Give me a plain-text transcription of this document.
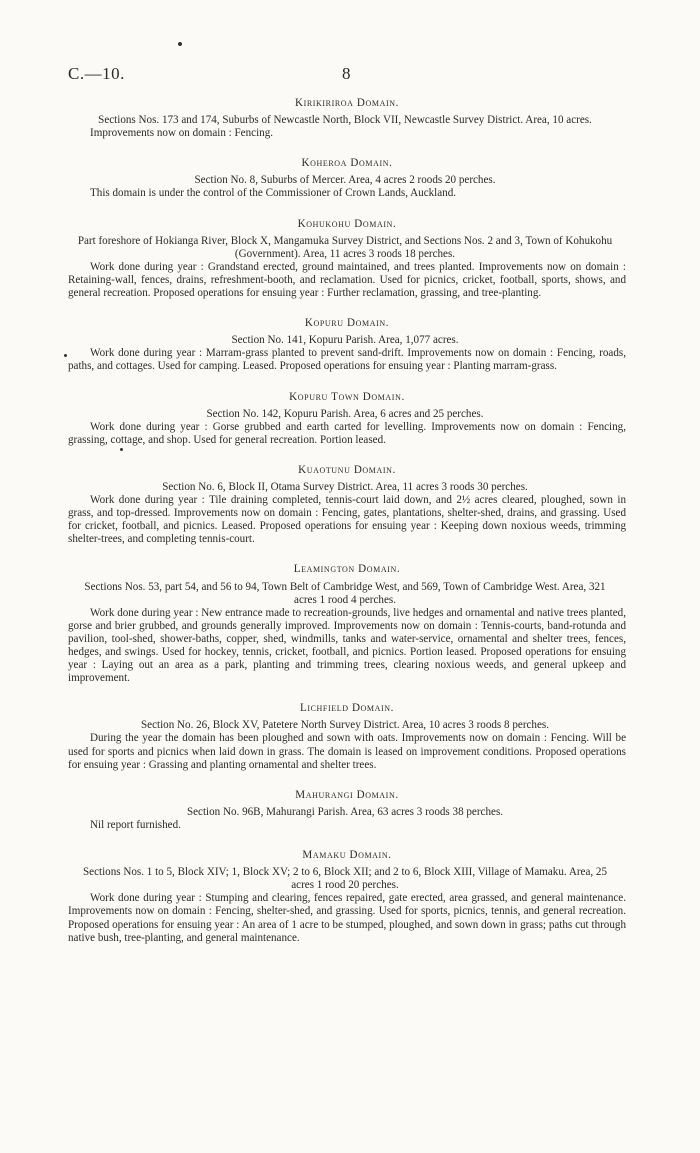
C.—10.	8
Kirikiriroa Domain.
Sections Nos. 173 and 174, Suburbs of Newcastle North, Block VII, Newcastle Survey District. Area, 10 acres.

Improvements now on domain : Fencing.

Koheroa Domain.
Section No. 8, Suburbs of Mercer. Area, 4 acres 2 roods 20 perches.

This domain is under the control of the Commissioner of Crown Lands, Auckland.

Kohukohu Domain.
Part foreshore of Hokianga River, Block X, Mangamuka Survey District, and Sections Nos. 2 and 3, Town of Kohukohu (Government). Area, 11 acres 3 roods 18 perches.

Work done during year : Grandstand erected, ground maintained, and trees planted. Improvements now on domain : Retaining-wall, fences, drains, refreshment-booth, and reclamation. Used for picnics, cricket, football, sports, shows, and general recreation. Proposed operations for ensuing year : Further reclamation, grassing, and tree-planting.

Kopuru Domain.
Section No. 141, Kopuru Parish. Area, 1,077 acres.

Work done during year : Marram-grass planted to prevent sand-drift. Improvements now on domain : Fencing, roads, paths, and cottages. Used for camping. Leased. Proposed operations for ensuing year : Planting marram-grass.

Kopuru Town Domain.
Section No. 142, Kopuru Parish. Area, 6 acres and 25 perches.

Work done during year : Gorse grubbed and earth carted for levelling. Improvements now on domain : Fencing, grassing, cottage, and shop. Used for general recreation. Portion leased.

Kuaotunu Domain.
Section No. 6, Block II, Otama Survey District. Area, 11 acres 3 roods 30 perches.

Work done during year : Tile draining completed, tennis-court laid down, and 2½ acres cleared, ploughed, sown in grass, and top-dressed. Improvements now on domain : Fencing, gates, plantations, shelter-shed, drains, and grassing. Used for cricket, football, and picnics. Leased. Proposed operations for ensuing year : Keeping down noxious weeds, trimming shelter-trees, and completing tennis-court.

Leamington Domain.
Sections Nos. 53, part 54, and 56 to 94, Town Belt of Cambridge West, and 569, Town of Cambridge West. Area, 321 acres 1 rood 4 perches.

Work done during year : New entrance made to recreation-grounds, live hedges and ornamental and native trees planted, gorse and brier grubbed, and grounds generally improved. Improvements now on domain : Tennis-courts, band-rotunda and pavilion, tool-shed, shower-baths, copper, shed, windmills, tanks and water-service, ornamental and shelter trees, fences, hedges, and swings. Used for hockey, tennis, cricket, football, and picnics. Portion leased. Proposed operations for ensuing year : Laying out an area as a park, planting and trimming trees, clearing noxious weeds, and general upkeep and improvement.

Lichfield Domain.
Section No. 26, Block XV, Patetere North Survey District. Area, 10 acres 3 roods 8 perches.

During the year the domain has been ploughed and sown with oats. Improvements now on domain : Fencing. Will be used for sports and picnics when laid down in grass. The domain is leased on improvement conditions. Proposed operations for ensuing year : Grassing and planting ornamental and shelter trees.

Mahurangi Domain.
Section No. 96B, Mahurangi Parish. Area, 63 acres 3 roods 38 perches.

Nil report furnished.

Mamaku Domain.
Sections Nos. 1 to 5, Block XIV; 1, Block XV; 2 to 6, Block XII; and 2 to 6, Block XIII, Village of Mamaku. Area, 25 acres 1 rood 20 perches.

Work done during year : Stumping and clearing, fences repaired, gate erected, area grassed, and general maintenance. Improvements now on domain : Fencing, shelter-shed, and grassing. Used for sports, picnics, tennis, and general recreation. Proposed operations for ensuing year : An area of 1 acre to be stumped, ploughed, and sown down in grass; paths cut through native bush, tree-planting, and general maintenance.
